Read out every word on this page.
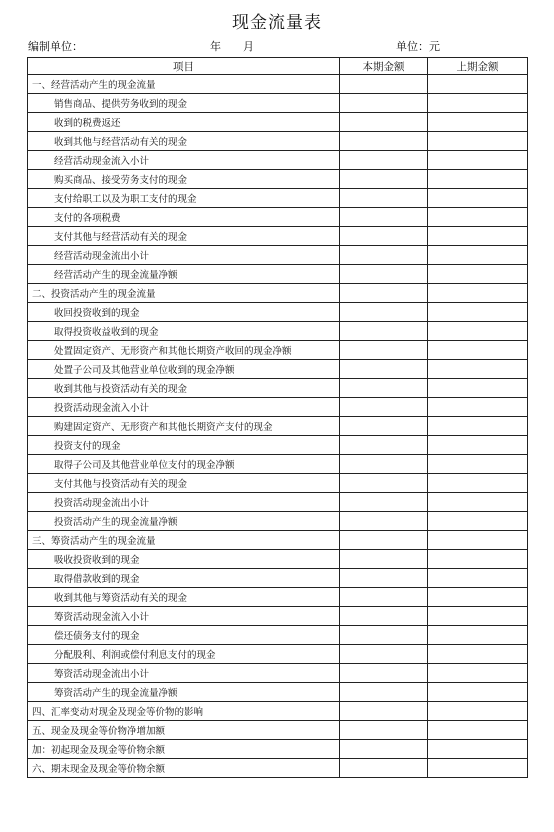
现金流量表
编制单位：	年 月	单位：元
项目	本期金额	上期金额
一、经营活动产生的现金流量		
销售商品、提供劳务收到的现金		
收到的税费返还		
收到其他与经营活动有关的现金		
经营活动现金流入小计		
购买商品、接受劳务支付的现金		
支付给职工以及为职工支付的现金		
支付的各项税费		
支付其他与经营活动有关的现金		
经营活动现金流出小计		
经营活动产生的现金流量净额		
二、投资活动产生的现金流量		
收回投资收到的现金		
取得投资收益收到的现金		
处置固定资产、无形资产和其他长期资产收回的现金净额		
处置子公司及其他营业单位收到的现金净额		
收到其他与投资活动有关的现金		
投资活动现金流入小计		
购建固定资产、无形资产和其他长期资产支付的现金		
投资支付的现金		
取得子公司及其他营业单位支付的现金净额		
支付其他与投资活动有关的现金		
投资活动现金流出小计		
投资活动产生的现金流量净额		
三、筹资活动产生的现金流量		
吸收投资收到的现金		
取得借款收到的现金		
收到其他与筹资活动有关的现金		
筹资活动现金流入小计		
偿还债务支付的现金		
分配股利、利润或偿付利息支付的现金		
筹资活动现金流出小计		
筹资活动产生的现金流量净额		
四、汇率变动对现金及现金等价物的影响		
五、现金及现金等价物净增加额		
加：初起现金及现金等价物余额		
六、期末现金及现金等价物余额		
